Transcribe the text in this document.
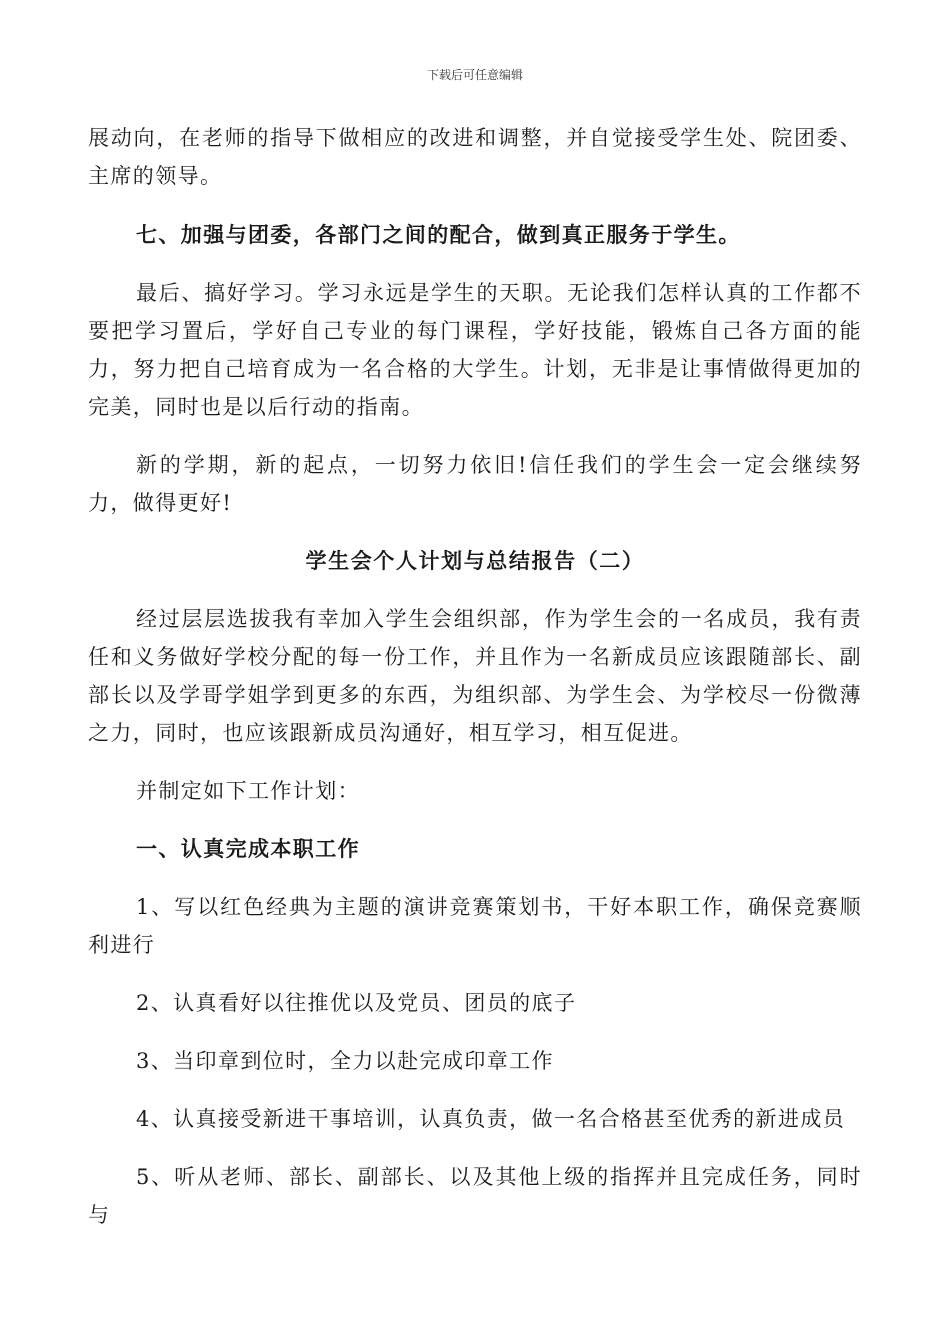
下载后可任意编辑

展动向，在老师的指导下做相应的改进和调整，并自觉接受学生处、院团委、主席的领导。

七、加强与团委，各部门之间的配合，做到真正服务于学生。

最后、搞好学习。学习永远是学生的天职。无论我们怎样认真的工作都不要把学习置后，学好自己专业的每门课程，学好技能，锻炼自己各方面的能力，努力把自己培育成为一名合格的大学生。计划，无非是让事情做得更加的完美，同时也是以后行动的指南。

新的学期，新的起点，一切努力依旧!信任我们的学生会一定会继续努力，做得更好!

学生会个人计划与总结报告（二）

经过层层选拔我有幸加入学生会组织部，作为学生会的一名成员，我有责任和义务做好学校分配的每一份工作，并且作为一名新成员应该跟随部长、副部长以及学哥学姐学到更多的东西，为组织部、为学生会、为学校尽一份微薄之力，同时，也应该跟新成员沟通好，相互学习，相互促进。

并制定如下工作计划：

一、认真完成本职工作

1、写以红色经典为主题的演讲竞赛策划书，干好本职工作，确保竞赛顺利进行

2、认真看好以往推优以及党员、团员的底子

3、当印章到位时，全力以赴完成印章工作

4、认真接受新进干事培训，认真负责，做一名合格甚至优秀的新进成员

5、听从老师、部长、副部长、以及其他上级的指挥并且完成任务，同时与
